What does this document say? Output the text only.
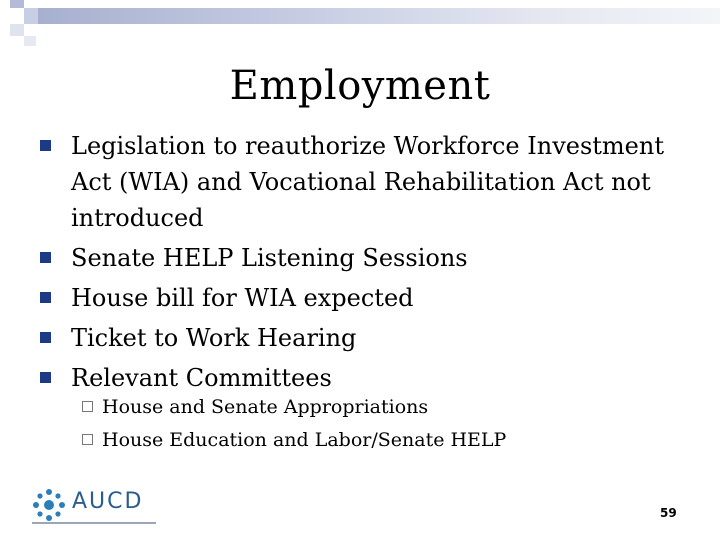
Employment
Legislation to reauthorize Workforce Investment Act (WIA) and Vocational Rehabilitation Act not introduced
Senate HELP Listening Sessions
House bill for WIA expected
Ticket to Work Hearing
Relevant Committees
House and Senate Appropriations
House Education and Labor/Senate HELP
AUCD	59
